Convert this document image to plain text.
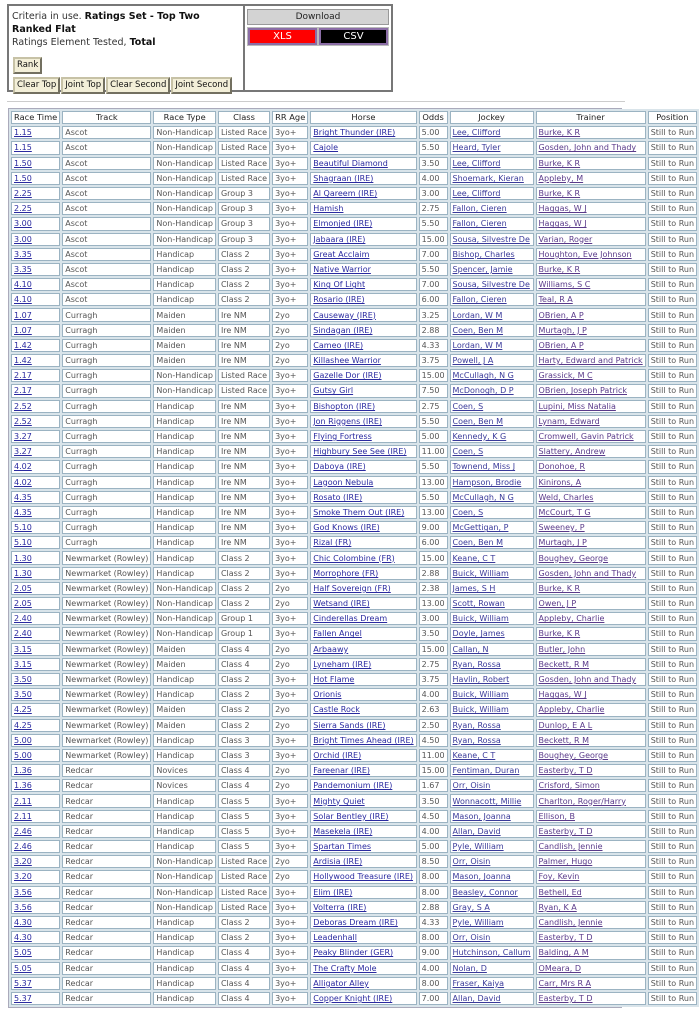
Criteria in use. Ratings Set - Top Two Ranked Flat
Ratings Element Tested, Total
Rank
Clear Top	Joint Top	Clear Second	Joint Second
Download
XLS	CSV
Race Time	Track	Race Type	Class	RR Age	Horse	Odds	Jockey	Trainer	Position
1.15	Ascot	Non-Handicap	Listed Race	3yo+	Bright Thunder (IRE)	5.00	Lee, Clifford	Burke, K R	Still to Run
1.15	Ascot	Non-Handicap	Listed Race	3yo+	Cajole	5.50	Heard, Tyler	Gosden, John and Thady	Still to Run
1.50	Ascot	Non-Handicap	Listed Race	3yo+	Beautiful Diamond	3.50	Lee, Clifford	Burke, K R	Still to Run
1.50	Ascot	Non-Handicap	Listed Race	3yo+	Shagraan (IRE)	4.00	Shoemark, Kieran	Appleby, M	Still to Run
2.25	Ascot	Non-Handicap	Group 3	3yo+	Al Qareem (IRE)	3.00	Lee, Clifford	Burke, K R	Still to Run
2.25	Ascot	Non-Handicap	Group 3	3yo+	Hamish	2.75	Fallon, Cieren	Haggas, W J	Still to Run
3.00	Ascot	Non-Handicap	Group 3	3yo+	Elmonjed (IRE)	5.50	Fallon, Cieren	Haggas, W J	Still to Run
3.00	Ascot	Non-Handicap	Group 3	3yo+	Jabaara (IRE)	15.00	Sousa, Silvestre De	Varian, Roger	Still to Run
3.35	Ascot	Handicap	Class 2	3yo+	Great Acclaim	7.00	Bishop, Charles	Houghton, Eve Johnson	Still to Run
3.35	Ascot	Handicap	Class 2	3yo+	Native Warrior	5.50	Spencer, Jamie	Burke, K R	Still to Run
4.10	Ascot	Handicap	Class 2	3yo+	King Of Light	7.00	Sousa, Silvestre De	Williams, S C	Still to Run
4.10	Ascot	Handicap	Class 2	3yo+	Rosario (IRE)	6.00	Fallon, Cieren	Teal, R A	Still to Run
1.07	Curragh	Maiden	Ire NM	2yo	Causeway (IRE)	3.25	Lordan, W M	OBrien, A P	Still to Run
1.07	Curragh	Maiden	Ire NM	2yo	Sindagan (IRE)	2.88	Coen, Ben M	Murtagh, J P	Still to Run
1.42	Curragh	Maiden	Ire NM	2yo	Cameo (IRE)	4.33	Lordan, W M	OBrien, A P	Still to Run
1.42	Curragh	Maiden	Ire NM	2yo	Killashee Warrior	3.75	Powell, J A	Harty, Edward and Patrick	Still to Run
2.17	Curragh	Non-Handicap	Listed Race	3yo+	Gazelle Dor (IRE)	15.00	McCullagh, N G	Grassick, M C	Still to Run
2.17	Curragh	Non-Handicap	Listed Race	3yo+	Gutsy Girl	7.50	McDonogh, D P	OBrien, Joseph Patrick	Still to Run
2.52	Curragh	Handicap	Ire NM	3yo+	Bishopton (IRE)	2.75	Coen, S	Lupini, Miss Natalia	Still to Run
2.52	Curragh	Handicap	Ire NM	3yo+	Jon Riggens (IRE)	5.50	Coen, Ben M	Lynam, Edward	Still to Run
3.27	Curragh	Handicap	Ire NM	3yo+	Flying Fortress	5.00	Kennedy, K G	Cromwell, Gavin Patrick	Still to Run
3.27	Curragh	Handicap	Ire NM	3yo+	Highbury See See (IRE)	11.00	Coen, S	Slattery, Andrew	Still to Run
4.02	Curragh	Handicap	Ire NM	3yo+	Daboya (IRE)	5.50	Townend, Miss J	Donohoe, R	Still to Run
4.02	Curragh	Handicap	Ire NM	3yo+	Lagoon Nebula	13.00	Hampson, Brodie	Kinirons, A	Still to Run
4.35	Curragh	Handicap	Ire NM	3yo+	Rosato (IRE)	5.50	McCullagh, N G	Weld, Charles	Still to Run
4.35	Curragh	Handicap	Ire NM	3yo+	Smoke Them Out (IRE)	13.00	Coen, S	McCourt, T G	Still to Run
5.10	Curragh	Handicap	Ire NM	3yo+	God Knows (IRE)	9.00	McGettigan, P	Sweeney, P	Still to Run
5.10	Curragh	Handicap	Ire NM	3yo+	Rizal (FR)	6.00	Coen, Ben M	Murtagh, J P	Still to Run
1.30	Newmarket (Rowley)	Handicap	Class 2	3yo+	Chic Colombine (FR)	15.00	Keane, C T	Boughey, George	Still to Run
1.30	Newmarket (Rowley)	Handicap	Class 2	3yo+	Morrophore (FR)	2.88	Buick, William	Gosden, John and Thady	Still to Run
2.05	Newmarket (Rowley)	Non-Handicap	Class 2	2yo	Half Sovereign (FR)	2.38	James, S H	Burke, K R	Still to Run
2.05	Newmarket (Rowley)	Non-Handicap	Class 2	2yo	Wetsand (IRE)	13.00	Scott, Rowan	Owen, J P	Still to Run
2.40	Newmarket (Rowley)	Non-Handicap	Group 1	3yo+	Cinderellas Dream	3.00	Buick, William	Appleby, Charlie	Still to Run
2.40	Newmarket (Rowley)	Non-Handicap	Group 1	3yo+	Fallen Angel	3.50	Doyle, James	Burke, K R	Still to Run
3.15	Newmarket (Rowley)	Maiden	Class 4	2yo	Arbaawy	15.00	Callan, N	Butler, John	Still to Run
3.15	Newmarket (Rowley)	Maiden	Class 4	2yo	Lyneham (IRE)	2.75	Ryan, Rossa	Beckett, R M	Still to Run
3.50	Newmarket (Rowley)	Handicap	Class 2	3yo+	Hot Flame	3.75	Havlin, Robert	Gosden, John and Thady	Still to Run
3.50	Newmarket (Rowley)	Handicap	Class 2	3yo+	Orionis	4.00	Buick, William	Haggas, W J	Still to Run
4.25	Newmarket (Rowley)	Maiden	Class 2	2yo	Castle Rock	2.63	Buick, William	Appleby, Charlie	Still to Run
4.25	Newmarket (Rowley)	Maiden	Class 2	2yo	Sierra Sands (IRE)	2.50	Ryan, Rossa	Dunlop, E A L	Still to Run
5.00	Newmarket (Rowley)	Handicap	Class 3	3yo+	Bright Times Ahead (IRE)	4.50	Ryan, Rossa	Beckett, R M	Still to Run
5.00	Newmarket (Rowley)	Handicap	Class 3	3yo+	Orchid (IRE)	11.00	Keane, C T	Boughey, George	Still to Run
1.36	Redcar	Novices	Class 4	2yo	Fareenar (IRE)	15.00	Fentiman, Duran	Easterby, T D	Still to Run
1.36	Redcar	Novices	Class 4	2yo	Pandemonium (IRE)	1.67	Orr, Oisin	Crisford, Simon	Still to Run
2.11	Redcar	Handicap	Class 5	3yo+	Mighty Quiet	3.50	Wonnacott, Millie	Charlton, Roger/Harry	Still to Run
2.11	Redcar	Handicap	Class 5	3yo+	Solar Bentley (IRE)	4.50	Mason, Joanna	Ellison, B	Still to Run
2.46	Redcar	Handicap	Class 5	3yo+	Masekela (IRE)	4.00	Allan, David	Easterby, T D	Still to Run
2.46	Redcar	Handicap	Class 5	3yo+	Spartan Times	5.00	Pyle, William	Candlish, Jennie	Still to Run
3.20	Redcar	Non-Handicap	Listed Race	2yo	Ardisia (IRE)	8.50	Orr, Oisin	Palmer, Hugo	Still to Run
3.20	Redcar	Non-Handicap	Listed Race	2yo	Hollywood Treasure (IRE)	8.00	Mason, Joanna	Foy, Kevin	Still to Run
3.56	Redcar	Non-Handicap	Listed Race	3yo+	Elim (IRE)	8.00	Beasley, Connor	Bethell, Ed	Still to Run
3.56	Redcar	Non-Handicap	Listed Race	3yo+	Volterra (IRE)	2.88	Gray, S A	Ryan, K A	Still to Run
4.30	Redcar	Handicap	Class 2	3yo+	Deboras Dream (IRE)	4.33	Pyle, William	Candlish, Jennie	Still to Run
4.30	Redcar	Handicap	Class 2	3yo+	Leadenhall	8.00	Orr, Oisin	Easterby, T D	Still to Run
5.05	Redcar	Handicap	Class 4	3yo+	Peaky Blinder (GER)	9.00	Hutchinson, Callum	Balding, A M	Still to Run
5.05	Redcar	Handicap	Class 4	3yo+	The Crafty Mole	4.00	Nolan, D	OMeara, D	Still to Run
5.37	Redcar	Handicap	Class 4	3yo+	Alligator Alley	8.00	Fraser, Kaiya	Carr, Mrs R A	Still to Run
5.37	Redcar	Handicap	Class 4	3yo+	Copper Knight (IRE)	7.00	Allan, David	Easterby, T D	Still to Run
